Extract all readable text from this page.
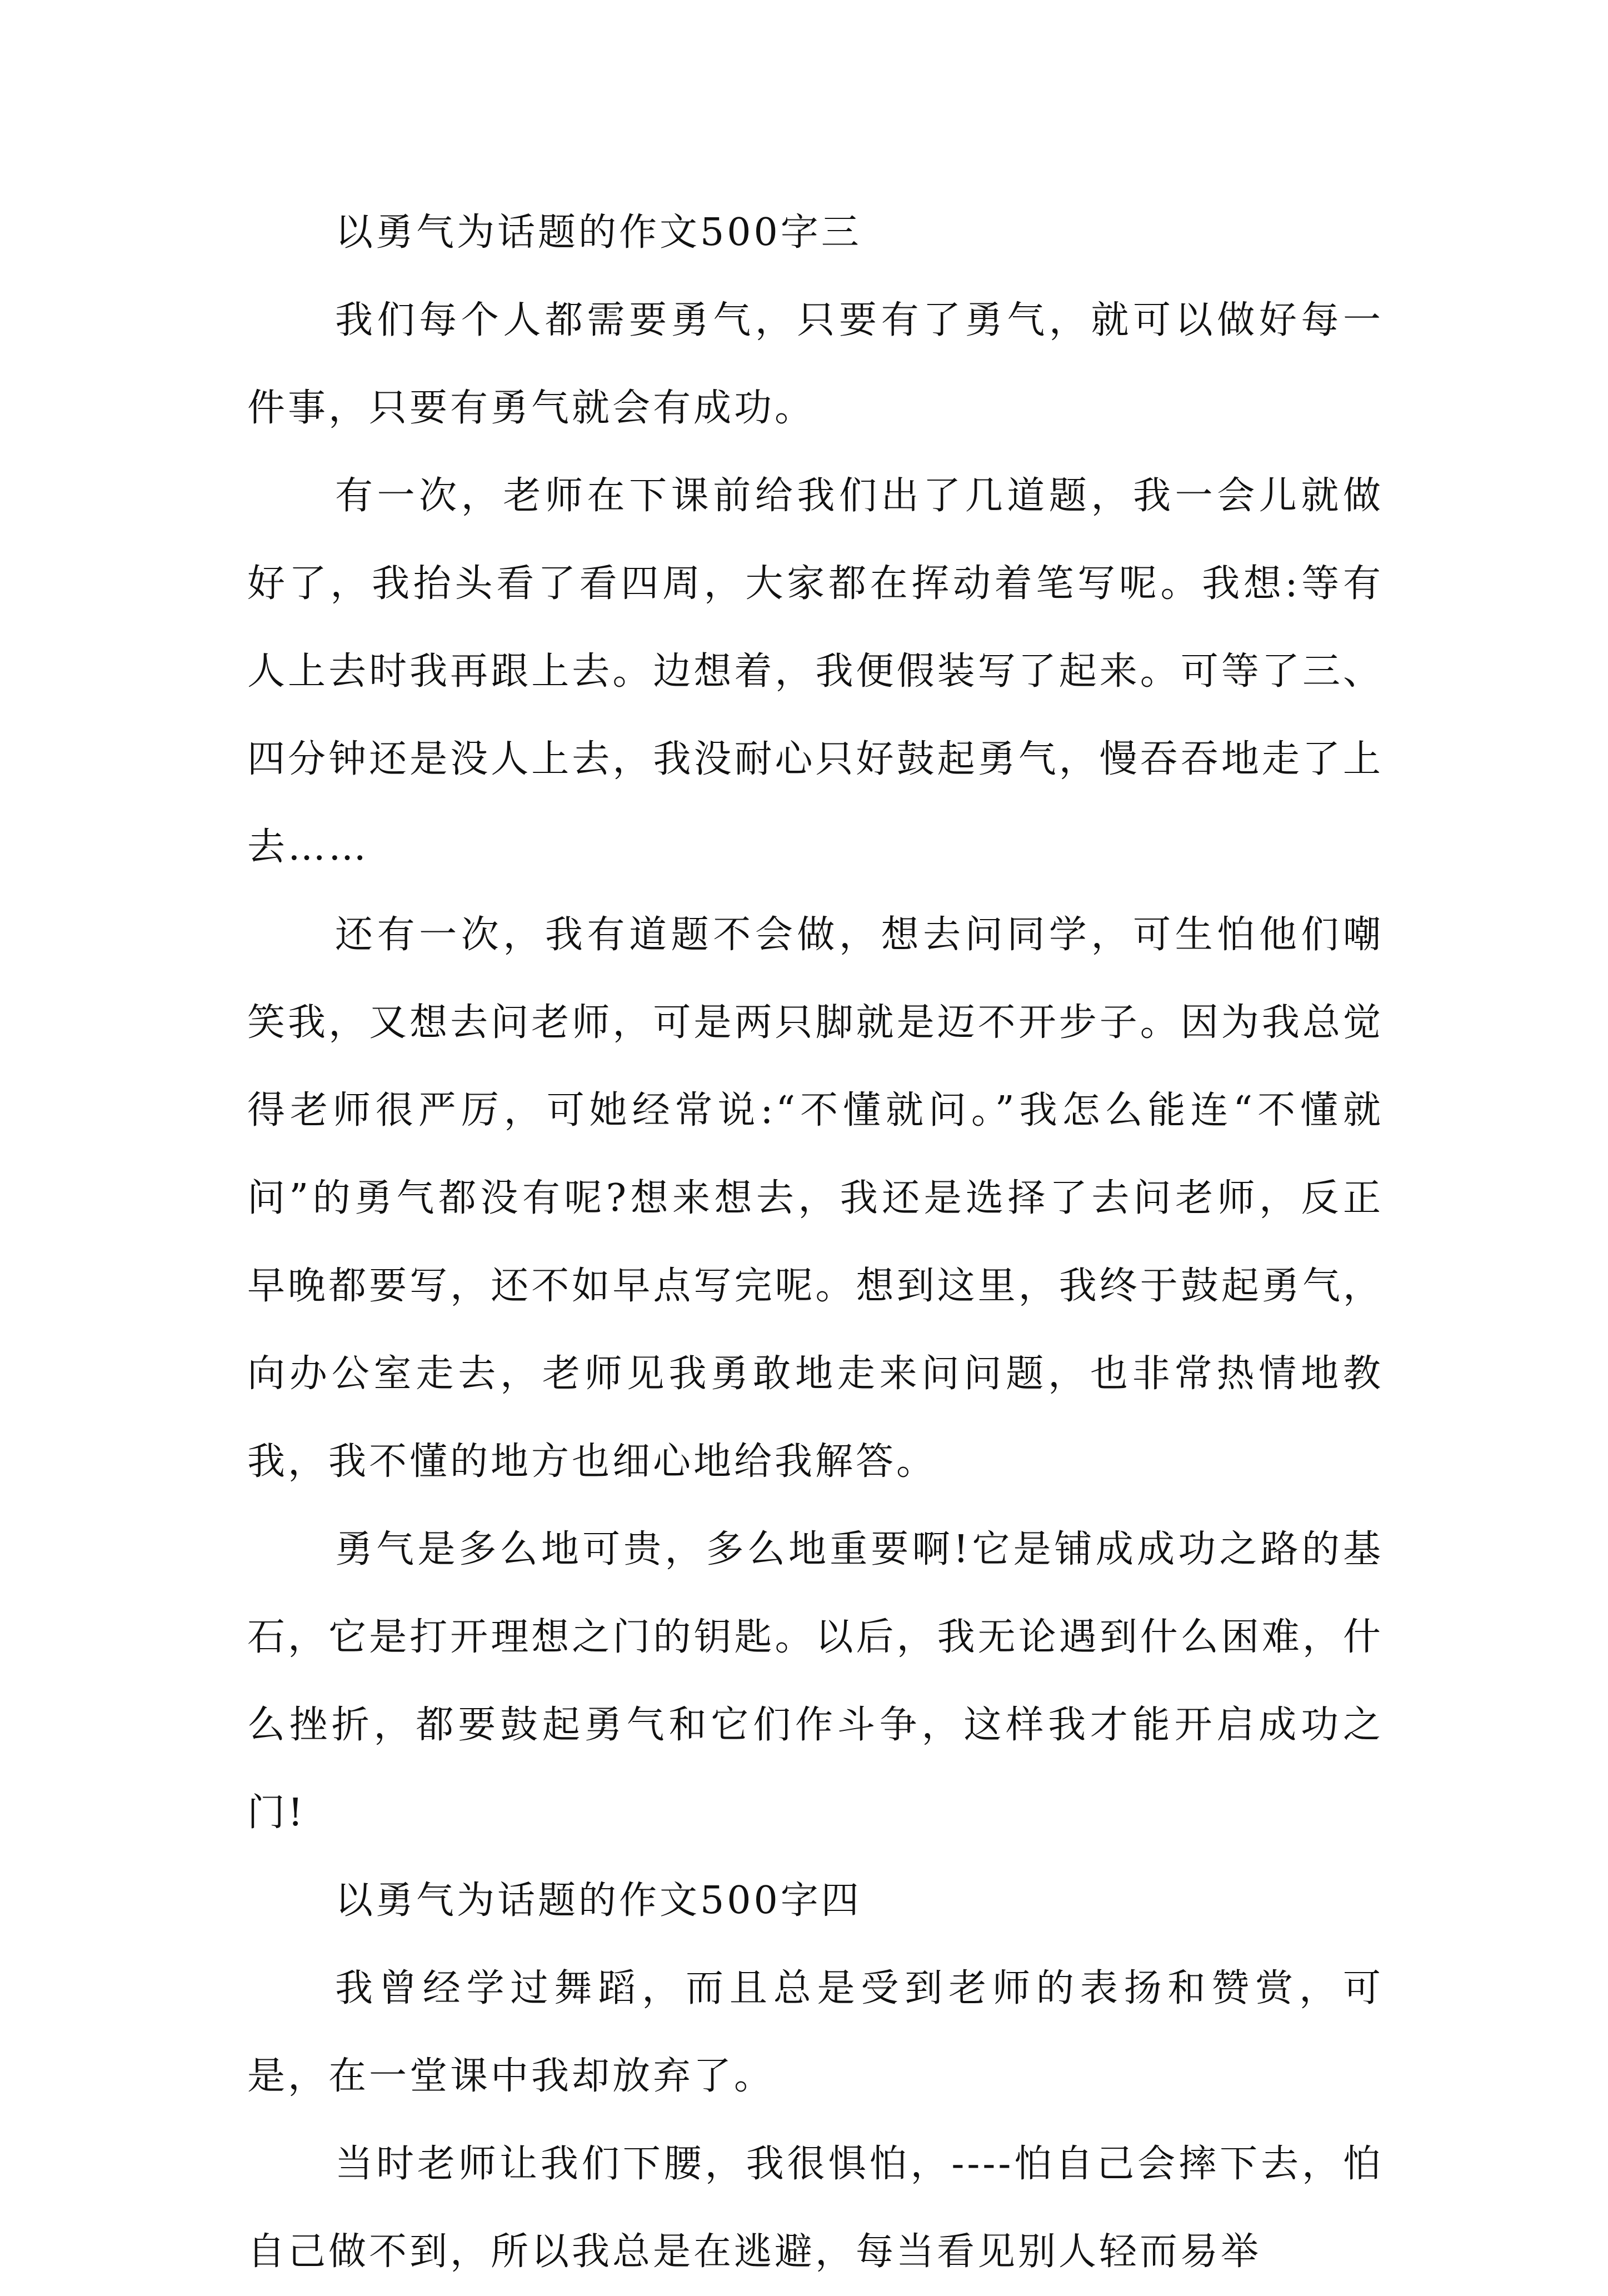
以勇气为话题的作文500字三

我们每个人都需要勇气，只要有了勇气，就可以做好每一件事，只要有勇气就会有成功。

有一次，老师在下课前给我们出了几道题，我一会儿就做好了，我抬头看了看四周，大家都在挥动着笔写呢。我想:等有人上去时我再跟上去。边想着，我便假装写了起来。可等了三、四分钟还是没人上去，我没耐心只好鼓起勇气，慢吞吞地走了上去……

还有一次，我有道题不会做，想去问同学，可生怕他们嘲笑我，又想去问老师，可是两只脚就是迈不开步子。因为我总觉得老师很严厉，可她经常说:“不懂就问。”我怎么能连“不懂就问”的勇气都没有呢?想来想去，我还是选择了去问老师，反正早晚都要写，还不如早点写完呢。想到这里，我终于鼓起勇气，向办公室走去，老师见我勇敢地走来问问题，也非常热情地教我，我不懂的地方也细心地给我解答。

勇气是多么地可贵，多么地重要啊!它是铺成成功之路的基石，它是打开理想之门的钥匙。以后，我无论遇到什么困难，什么挫折，都要鼓起勇气和它们作斗争，这样我才能开启成功之门!

以勇气为话题的作文500字四

我曾经学过舞蹈，而且总是受到老师的表扬和赞赏，可是，在一堂课中我却放弃了。

当时老师让我们下腰，我很惧怕，----怕自己会摔下去，怕自己做不到，所以我总是在逃避，每当看见别人轻而易举
